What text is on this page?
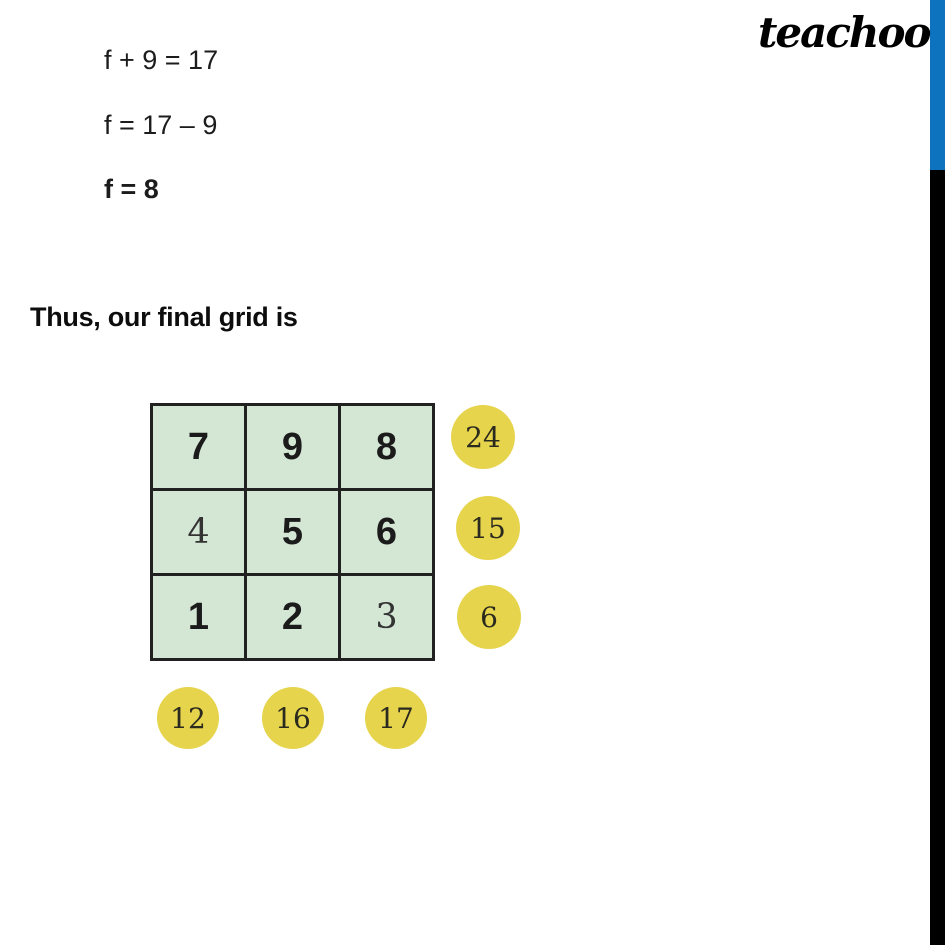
teachoo
f + 9 = 17
f = 17 – 9
f = 8
Thus, our final grid is
7	9	8
4	5	6
1	2	3
24
15
6
12	16	17
